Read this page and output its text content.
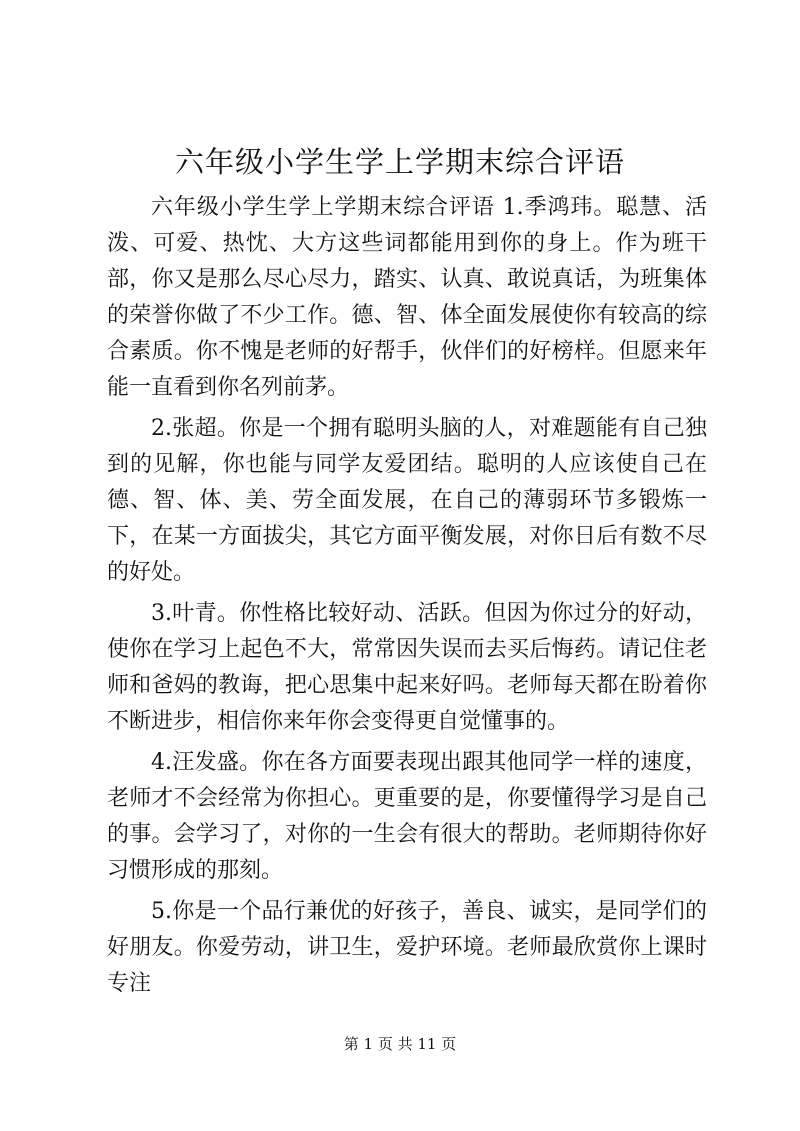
六年级小学生学上学期末综合评语

六年级小学生学上学期末综合评语 1.季鸿玮。聪慧、活泼、可爱、热忱、大方这些词都能用到你的身上。作为班干部，你又是那么尽心尽力，踏实、认真、敢说真话，为班集体的荣誉你做了不少工作。德、智、体全面发展使你有较高的综合素质。你不愧是老师的好帮手，伙伴们的好榜样。但愿来年能一直看到你名列前茅。

2.张超。你是一个拥有聪明头脑的人，对难题能有自己独到的见解，你也能与同学友爱团结。聪明的人应该使自己在德、智、体、美、劳全面发展，在自己的薄弱环节多锻炼一下，在某一方面拔尖，其它方面平衡发展，对你日后有数不尽的好处。

3.叶青。你性格比较好动、活跃。但因为你过分的好动，使你在学习上起色不大，常常因失误而去买后悔药。请记住老师和爸妈的教诲，把心思集中起来好吗。老师每天都在盼着你不断进步，相信你来年你会变得更自觉懂事的。

4.汪发盛。你在各方面要表现出跟其他同学一样的速度，老师才不会经常为你担心。更重要的是，你要懂得学习是自己的事。会学习了，对你的一生会有很大的帮助。老师期待你好习惯形成的那刻。

5.你是一个品行兼优的好孩子，善良、诚实，是同学们的好朋友。你爱劳动，讲卫生，爱护环境。老师最欣赏你上课时专注

第 1 页 共 11 页
